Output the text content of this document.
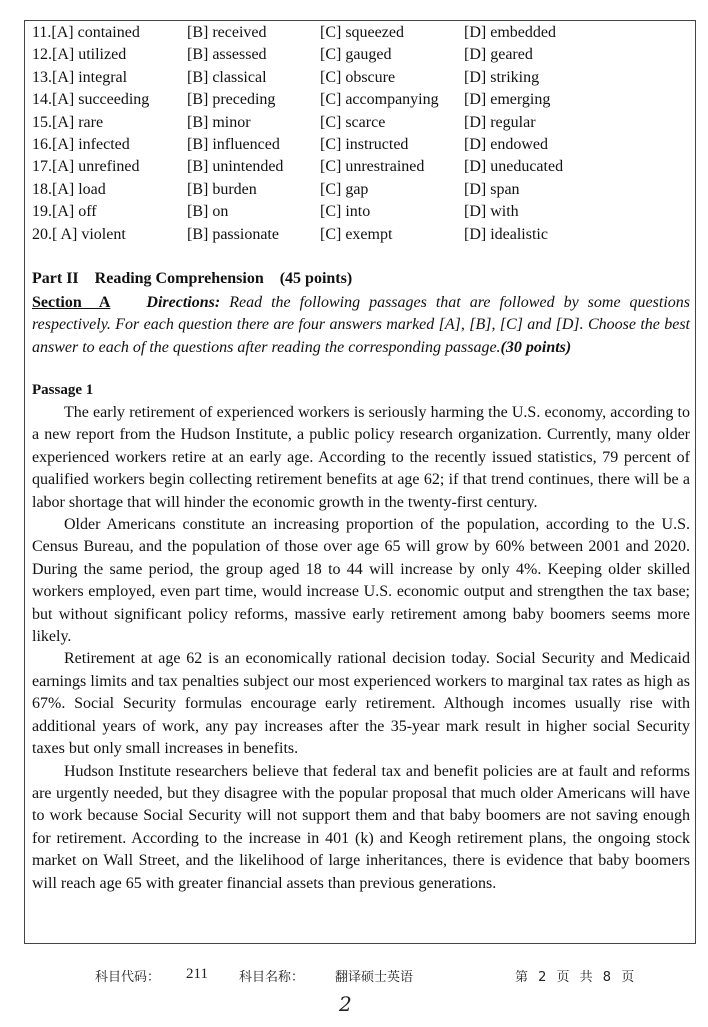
11.[A] contained	[B] received	[C] squeezed	[D] embedded
12.[A] utilized	[B] assessed	[C] gauged	[D] geared
13.[A] integral	[B] classical	[C] obscure	[D] striking
14.[A] succeeding [B] preceding	[C] accompanying [D] emerging
15.[A] rare	[B] minor	[C] scarce	[D] regular
16.[A] infected	[B] influenced	[C] instructed	[D] endowed
17.[A] unrefined	[B] unintended [C] unrestrained [D] uneducated
18.[A] load	[B] burden	[C] gap	[D] span
19.[A] off	[B] on	[C] into	[D] with
20.[ A] violent	[B] passionate	[C] exempt	[D] idealistic
Part II Reading Comprehension (45 points)
Section  A Directions: Read the following passages that are followed by some questions respectively. For each question there are four answers marked [A], [B], [C] and [D]. Choose the best answer to each of the questions after reading the corresponding passage.(30 points)
Passage 1

The early retirement of experienced workers is seriously harming the U.S. economy, according to a new report from the Hudson Institute, a public policy research organization. Currently, many older experienced workers retire at an early age. According to the recently issued statistics, 79 percent of qualified workers begin collecting retirement benefits at age 62; if that trend continues, there will be a labor shortage that will hinder the economic growth in the twenty-first century.

Older Americans constitute an increasing proportion of the population, according to the U.S. Census Bureau, and the population of those over age 65 will grow by 60% between 2001 and 2020. During the same period, the group aged 18 to 44 will increase by only 4%. Keeping older skilled workers employed, even part time, would increase U.S. economic output and strengthen the tax base; but without significant policy reforms, massive early retirement among baby boomers seems more likely.

Retirement at age 62 is an economically rational decision today. Social Security and Medicaid earnings limits and tax penalties subject our most experienced workers to marginal tax rates as high as 67%. Social Security formulas encourage early retirement. Although incomes usually rise with additional years of work, any pay increases after the 35-year mark result in higher social Security taxes but only small increases in benefits.

Hudson Institute researchers believe that federal tax and benefit policies are at fault and reforms are urgently needed, but they disagree with the popular proposal that much older Americans will have to work because Social Security will not support them and that baby boomers are not saving enough for retirement. According to the increase in 401 (k) and Keogh retirement plans, the ongoing stock market on Wall Street, and the likelihood of large inheritances, there is evidence that baby boomers will reach age 65 with greater financial assets than previous generations.

科目代码： 211 科目名称： 翻译硕士英语	第 2 页 共 8 页
2
